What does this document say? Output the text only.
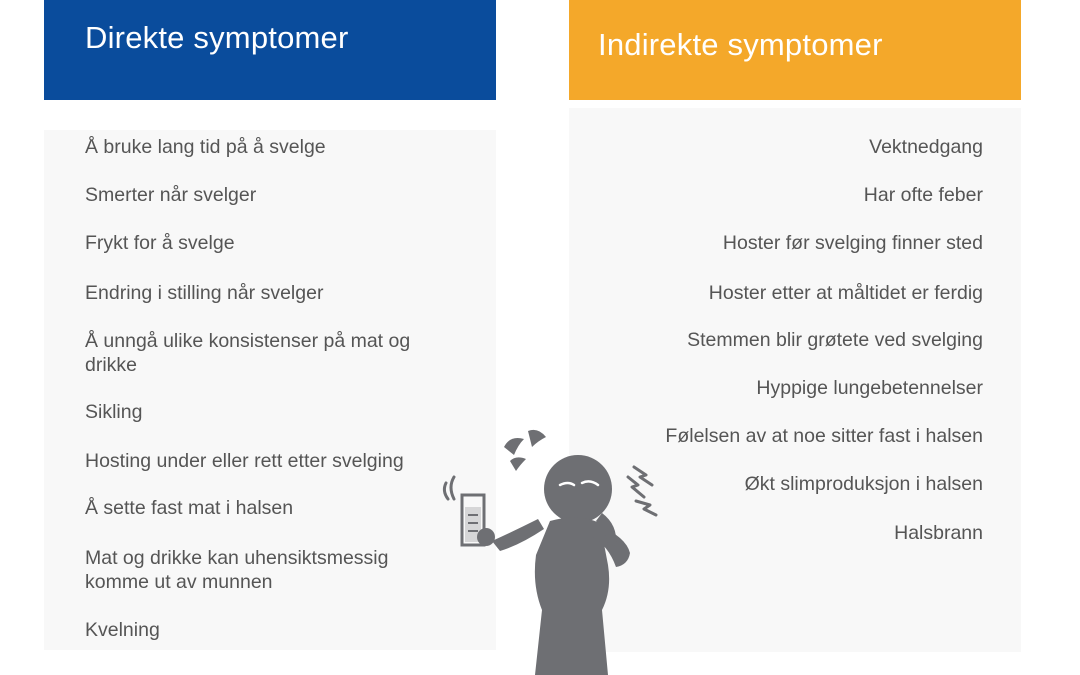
Direkte symptomer	Indirekte symptomer
Å bruke lang tid på å svelge
Smerter når svelger
Frykt for å svelge
Endring i stilling når svelger
Å unngå ulike konsistenser på mat og
drikke
Sikling
Hosting under eller rett etter svelging
Å sette fast mat i halsen
Mat og drikke kan uhensiktsmessig
komme ut av munnen
Kvelning
Vektnedgang
Har ofte feber
Hoster før svelging finner sted
Hoster etter at måltidet er ferdig
Stemmen blir grøtete ved svelging
Hyppige lungebetennelser
Følelsen av at noe sitter fast i halsen
Økt slimproduksjon i halsen
Halsbrann
